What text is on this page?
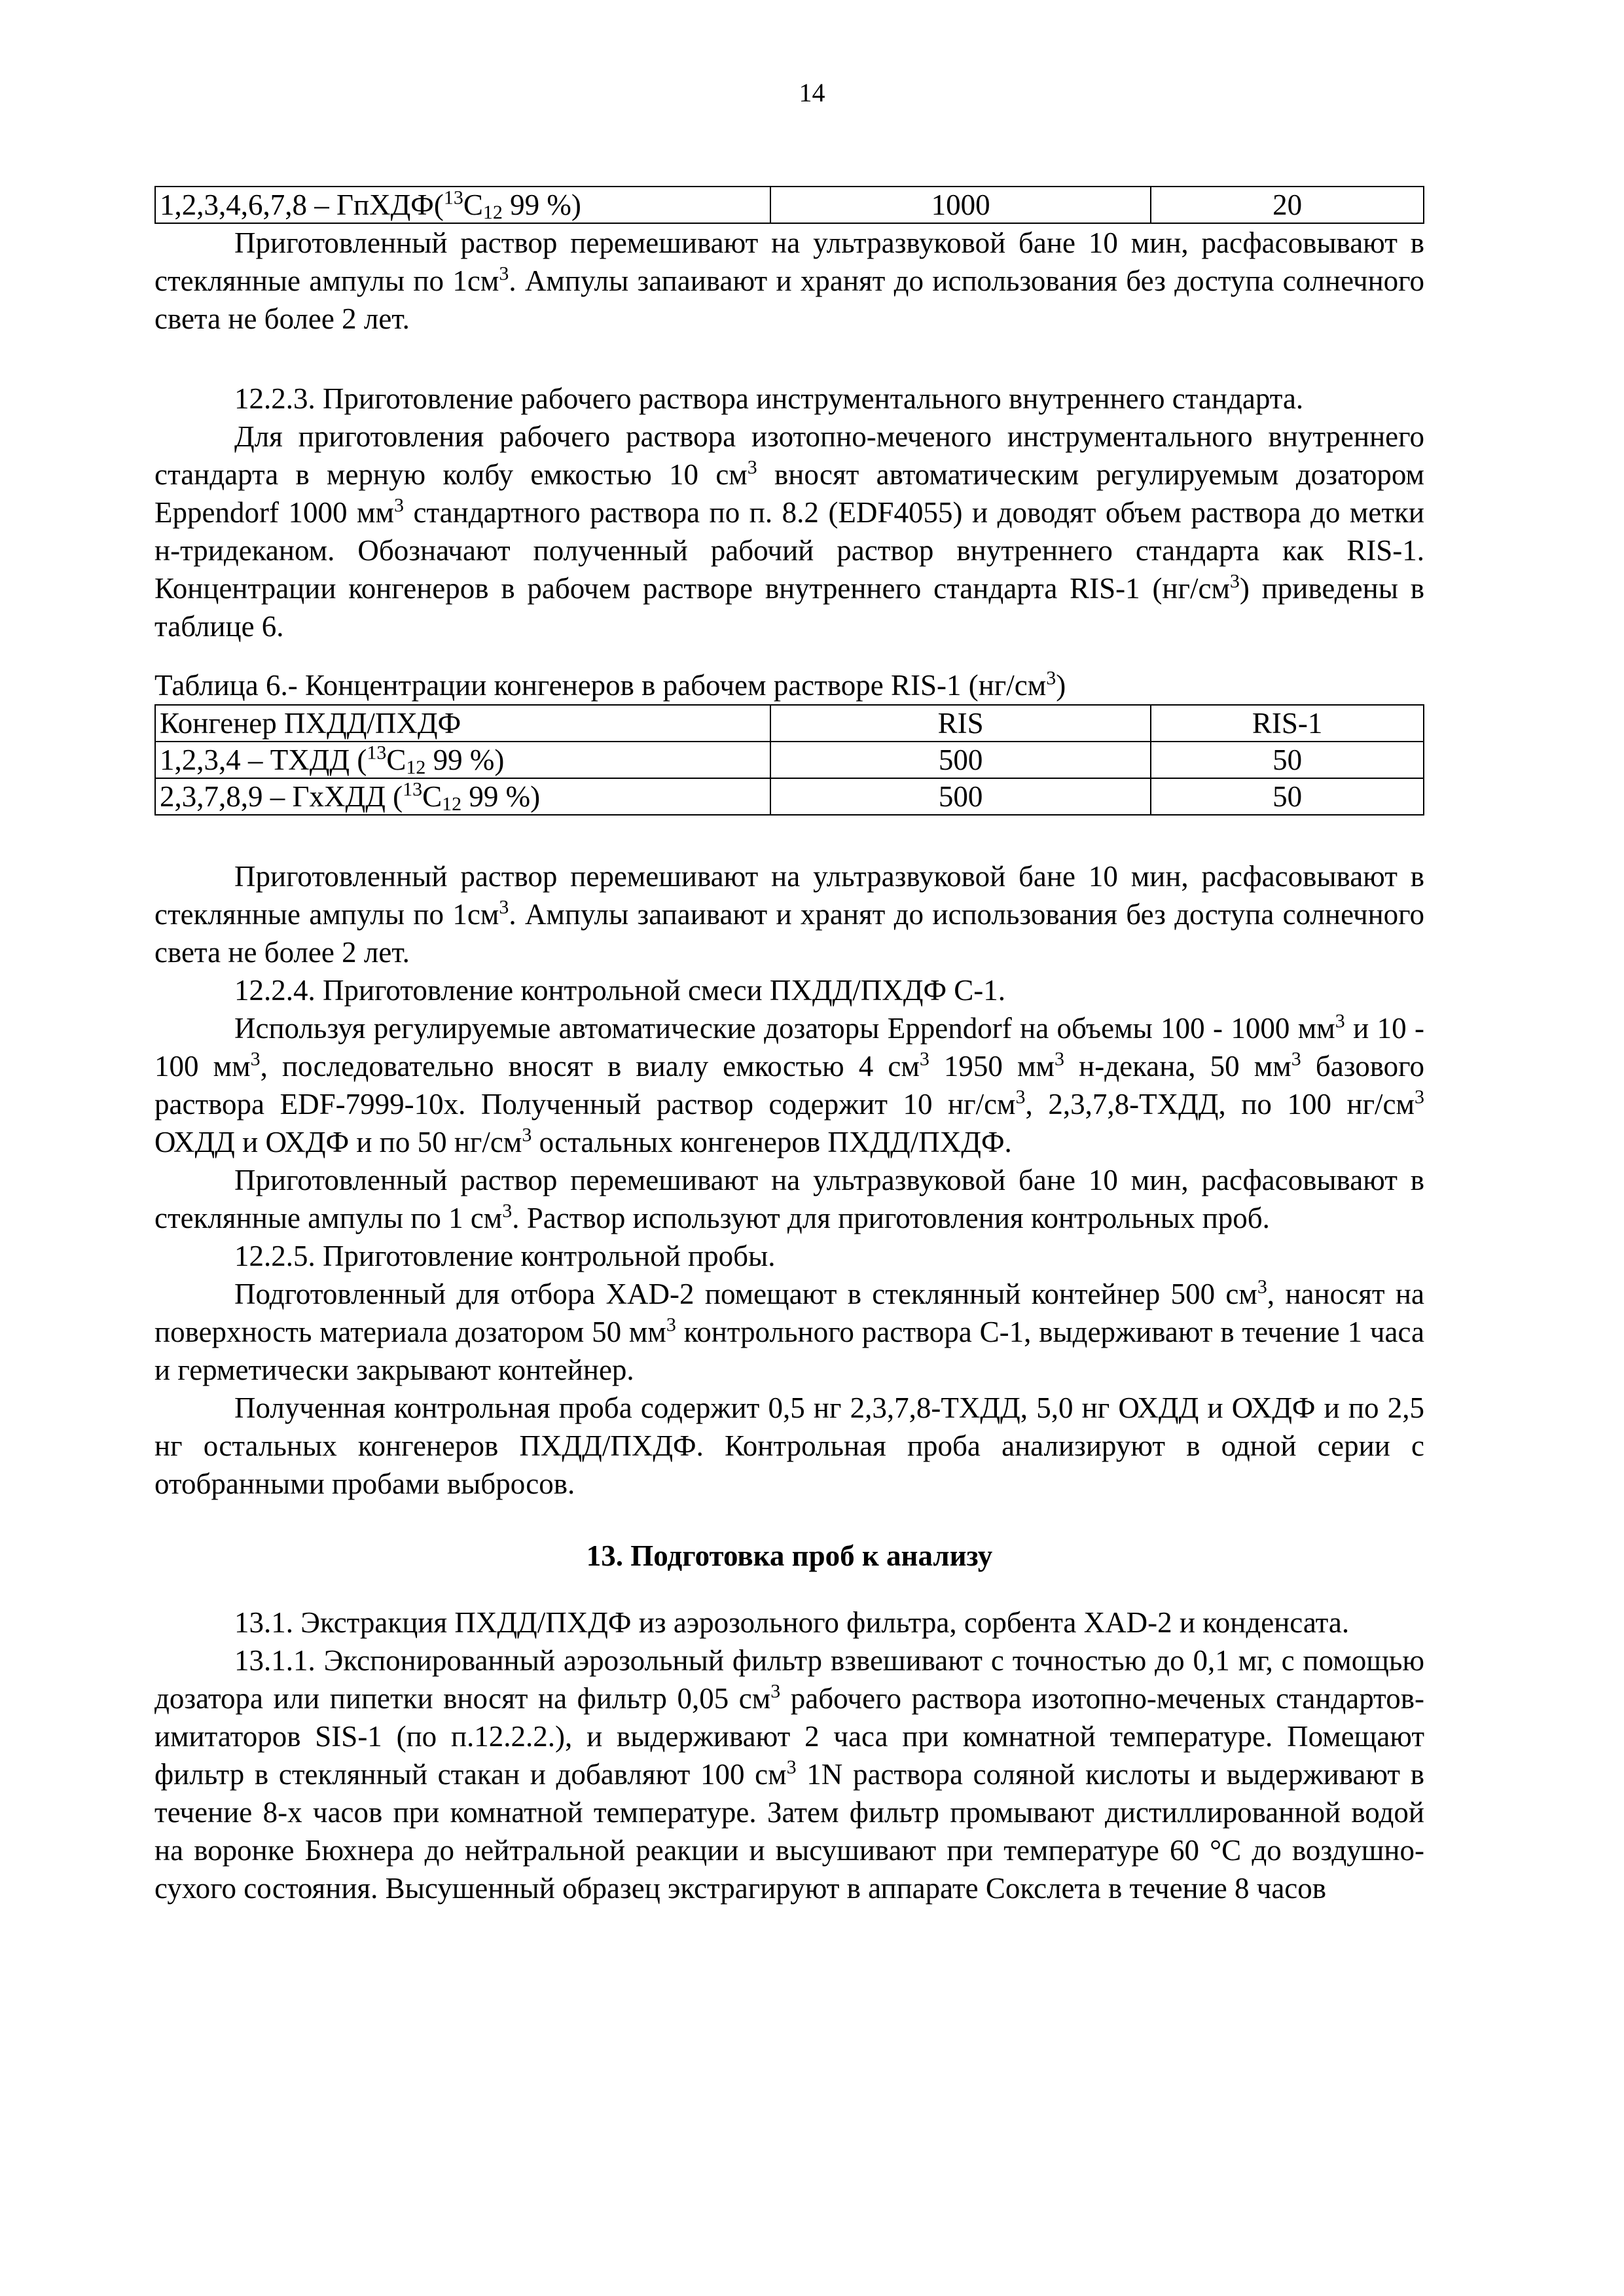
14
$1,2,3,4,6,7,8 - ГпХДФ(^{13}C_{12}$ 99 %)	1000	20

Приготовленный раствор перемешивают на ультразвуковой бане 10 мин, расфасовывают в стеклянные ампулы по $1см^3$. Ампулы запаивают и хранят до использования без доступа солнечного света не более 2 лет.

12.2.3. Приготовление рабочего раствора инструментального внутреннего стандарта.

Для приготовления рабочего раствора изотопно-меченого инструментального внутреннего стандарта в мерную колбу емкостью 10 $см^3$ вносят автоматическим регулируемым дозатором Eppendorf 1000 $мм^3$ стандартного раствора по п. 8.2 (EDF4055) и доводят объем раствора до метки н-тридеканом. Обозначают полученный рабочий раствор внутреннего стандарта как RIS-1. Концентрации конгенеров в рабочем растворе внутреннего стандарта RIS-1 $(нг/см^3)$ приведены в таблице 6.

Таблица 6.- Концентрации конгенеров в рабочем растворе RIS-1 $(нг/см^3)$

Конгенер ПХДД/ПХДФ	RIS	RIS-1
1,2,3,4 – ТХДД ($^{13}C_{12}$ 99 %)	500	50
2,3,7,8,9 – ГхХДД ($^{13}C_{12}$ 99 %)	500	50

Приготовленный раствор перемешивают на ультразвуковой бане 10 мин, расфасовывают в стеклянные ампулы по $1см^3$. Ампулы запаивают и хранят до использования без доступа солнечного света не более 2 лет.

12.2.4. Приготовление контрольной смеси ПХДД/ПХДФ С-1.

Используя регулируемые автоматические дозаторы Eppendorf на объемы 100 - 1000 $мм^3$ и 10 - 100 $мм^3$, последовательно вносят в виалу емкостью 4 $см^3$ 1950 $мм^3$ н-декана, 50 $мм^3$ базового раствора EDF-7999-10x. Полученный раствор содержит 10 $нг/см^3$, 2,3,7,8-ТХДД, по 100 $нг/см^3$ ОХДД и ОХДФ и по 50 $нг/см^3$ остальных конгенеров ПХДД/ПХДФ.

Приготовленный раствор перемешивают на ультразвуковой бане 10 мин, расфасовывают в стеклянные ампулы по 1 $см^3$. Раствор используют для приготовления контрольных проб.

12.2.5. Приготовление контрольной пробы.

Подготовленный для отбора XAD-2 помещают в стеклянный контейнер 500 $см^3$, наносят на поверхность материала дозатором 50 $мм^3$ контрольного раствора С-1, выдерживают в течение 1 часа и герметически закрывают контейнер.

Полученная контрольная проба содержит 0,5 нг 2,3,7,8-ТХДД, 5,0 нг ОХДД и ОХДФ и по 2,5 нг остальных конгенеров ПХДД/ПХДФ. Контрольная проба анализируют в одной серии с отобранными пробами выбросов.

13. Подготовка проб к анализу

13.1. Экстракция ПХДД/ПХДФ из аэрозольного фильтра, сорбента XAD-2 и конденсата.

13.1.1. Экспонированный аэрозольный фильтр взвешивают с точностью до 0,1 мг, с помощью дозатора или пипетки вносят на фильтр 0,05 $см^3$ рабочего раствора изотопно-меченых стандартов-имитаторов SIS-1 (по п.12.2.2.), и выдерживают 2 часа при комнатной температуре. Помещают фильтр в стеклянный стакан и добавляют 100 $см^3$ 1N раствора соляной кислоты и выдерживают в течение 8-х часов при комнатной температуре. Затем фильтр промывают дистиллированной водой на воронке Бюхнера до нейтральной реакции и высушивают при температуре 60 °С до воздушно-сухого состояния. Высушенный образец экстрагируют в аппарате Сокслета в течение 8 часов
